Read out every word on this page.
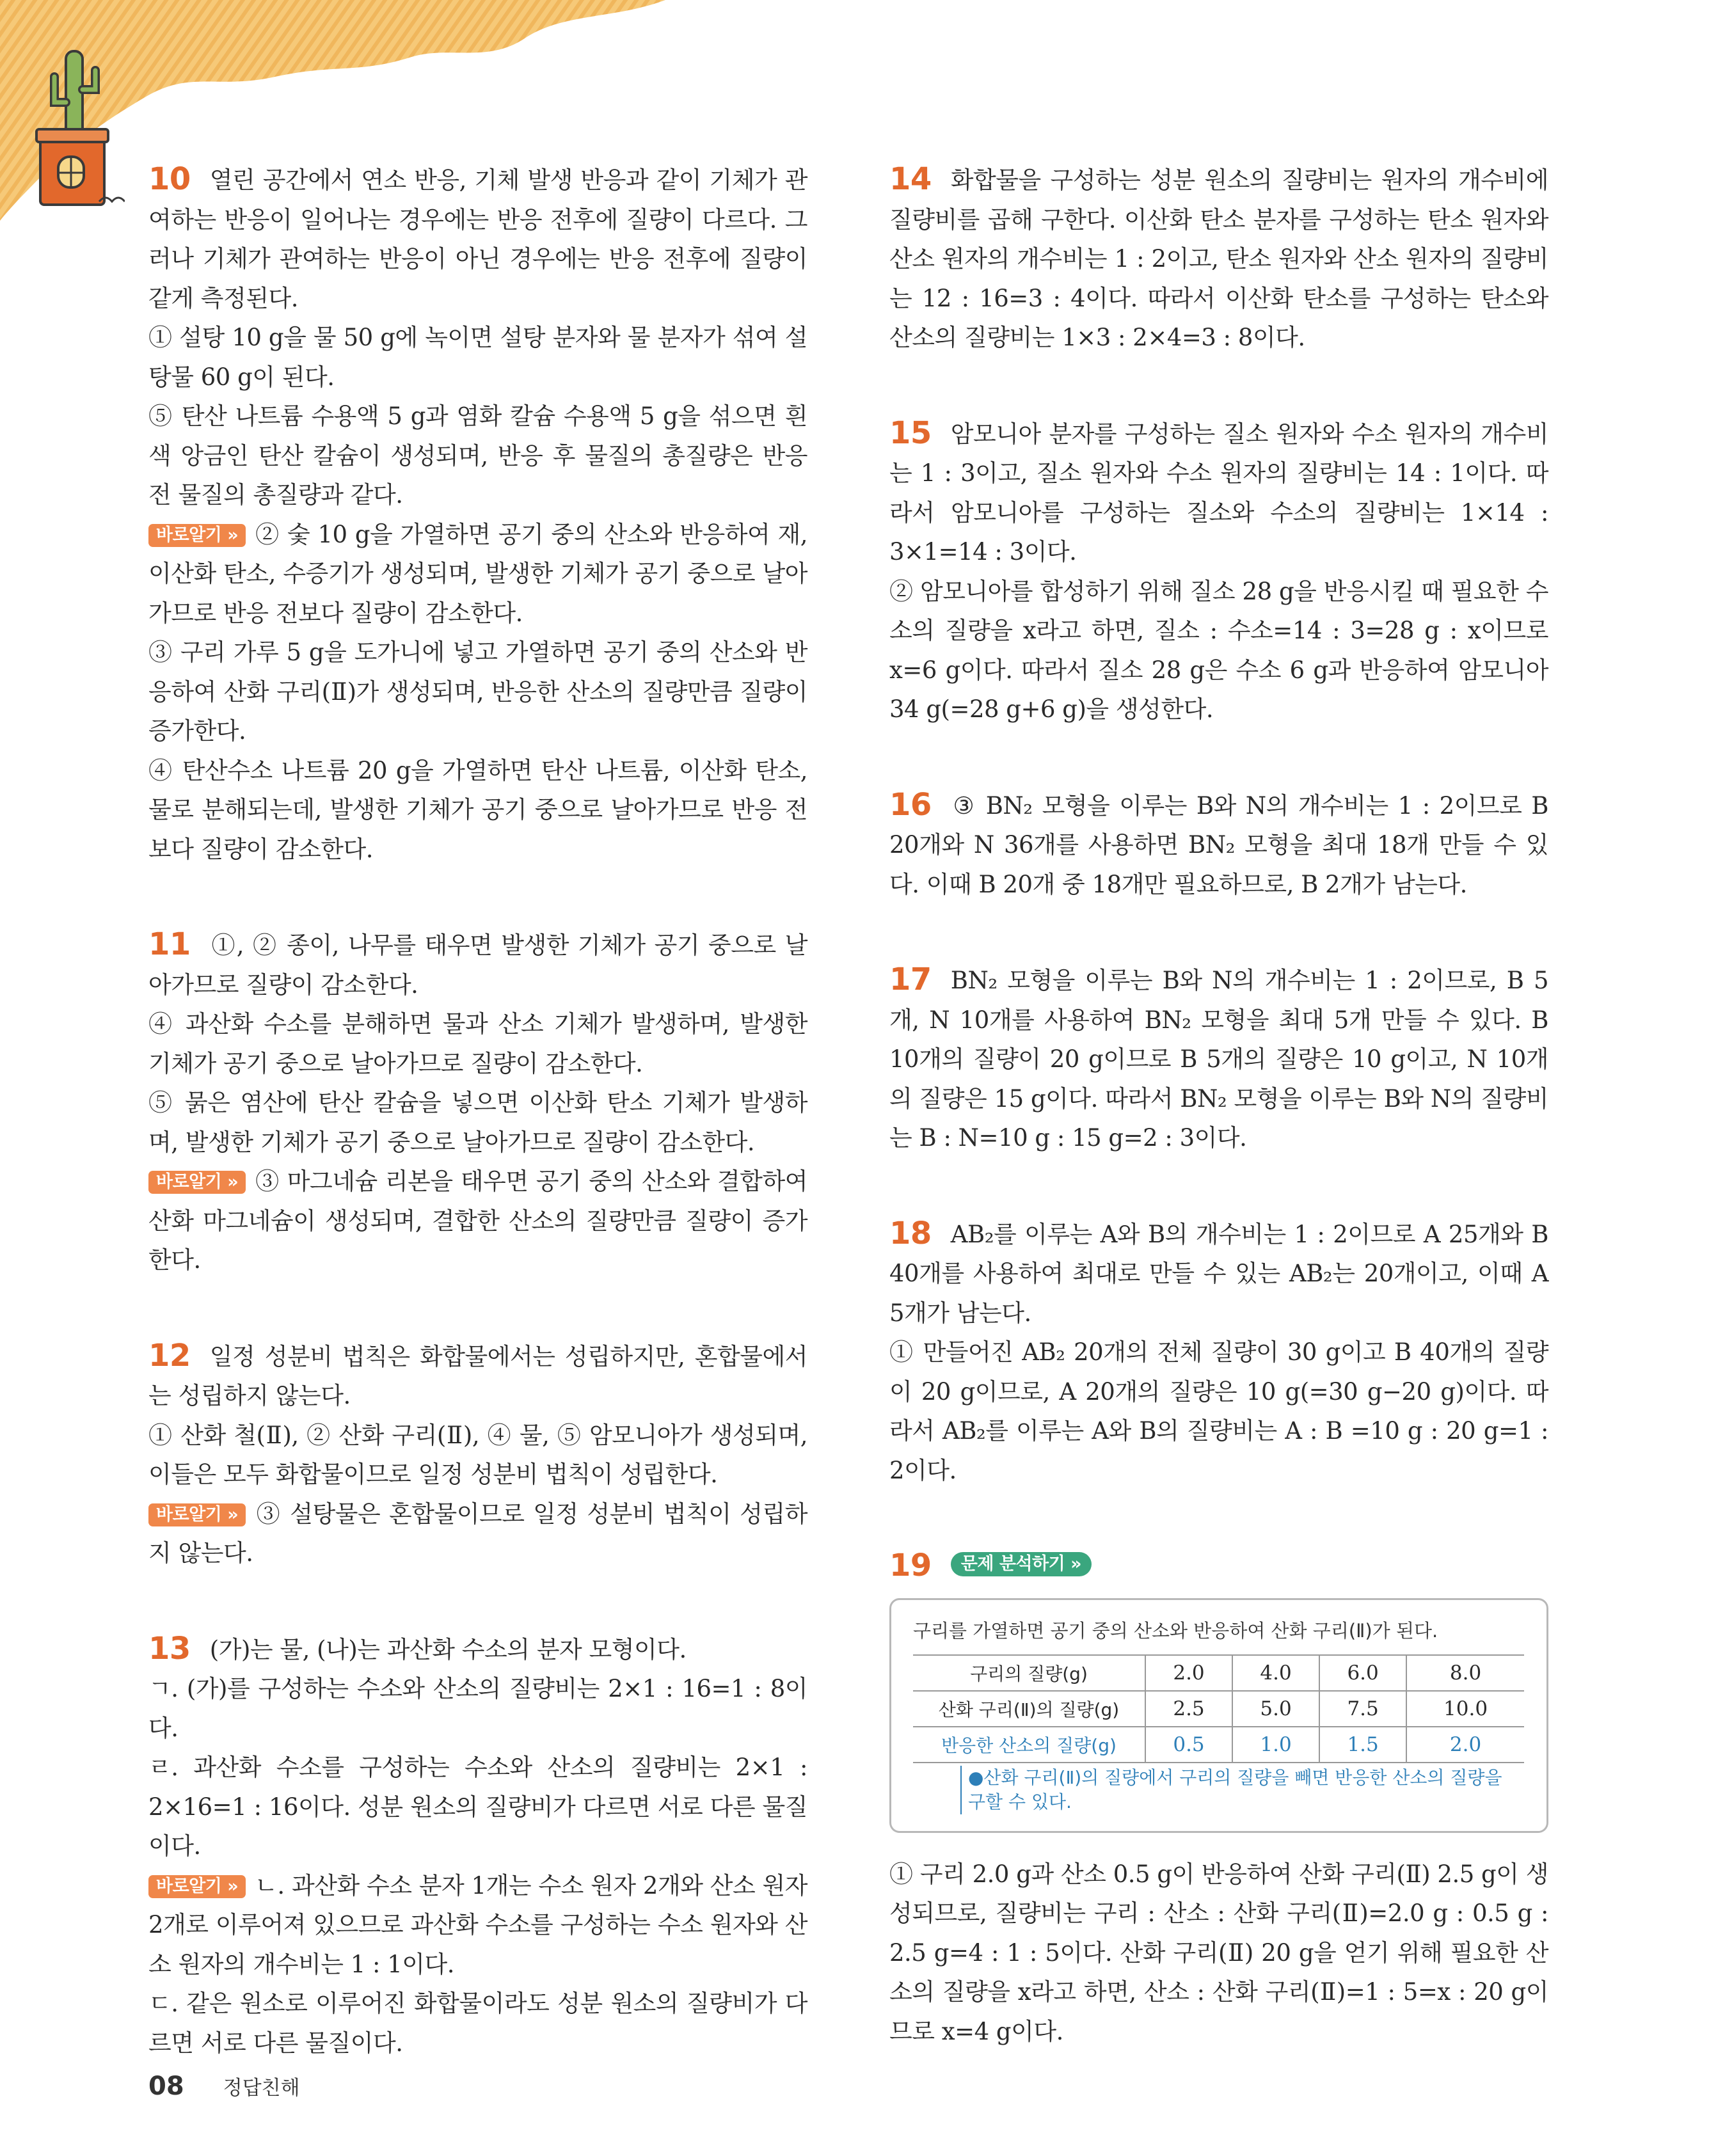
10 열린 공간에서 연소 반응, 기체 발생 반응과 같이 기체가 관여하는 반응이 일어나는 경우에는 반응 전후에 질량이 다르다. 그러나 기체가 관여하는 반응이 아닌 경우에는 반응 전후에 질량이 같게 측정된다.

① 설탕 10 g을 물 50 g에 녹이면 설탕 분자와 물 분자가 섞여 설탕물 60 g이 된다.

⑤ 탄산 나트륨 수용액 5 g과 염화 칼슘 수용액 5 g을 섞으면 흰색 앙금인 탄산 칼슘이 생성되며, 반응 후 물질의 총질량은 반응 전 물질의 총질량과 같다.

바로알기 » ② 숯 10 g을 가열하면 공기 중의 산소와 반응하여 재, 이산화 탄소, 수증기가 생성되며, 발생한 기체가 공기 중으로 날아가므로 반응 전보다 질량이 감소한다.

③ 구리 가루 5 g을 도가니에 넣고 가열하면 공기 중의 산소와 반응하여 산화 구리(Ⅱ)가 생성되며, 반응한 산소의 질량만큼 질량이 증가한다.

④ 탄산수소 나트륨 20 g을 가열하면 탄산 나트륨, 이산화 탄소, 물로 분해되는데, 발생한 기체가 공기 중으로 날아가므로 반응 전보다 질량이 감소한다.

11 ①, ② 종이, 나무를 태우면 발생한 기체가 공기 중으로 날아가므로 질량이 감소한다.

④ 과산화 수소를 분해하면 물과 산소 기체가 발생하며, 발생한 기체가 공기 중으로 날아가므로 질량이 감소한다.

⑤ 묽은 염산에 탄산 칼슘을 넣으면 이산화 탄소 기체가 발생하며, 발생한 기체가 공기 중으로 날아가므로 질량이 감소한다.

바로알기 » ③ 마그네슘 리본을 태우면 공기 중의 산소와 결합하여 산화 마그네슘이 생성되며, 결합한 산소의 질량만큼 질량이 증가한다.

12 일정 성분비 법칙은 화합물에서는 성립하지만, 혼합물에서는 성립하지 않는다.

① 산화 철(Ⅱ), ② 산화 구리(Ⅱ), ④ 물, ⑤ 암모니아가 생성되며, 이들은 모두 화합물이므로 일정 성분비 법칙이 성립한다.

바로알기 » ③ 설탕물은 혼합물이므로 일정 성분비 법칙이 성립하지 않는다.

13 (가)는 물, (나)는 과산화 수소의 분자 모형이다.

ㄱ. (가)를 구성하는 수소와 산소의 질량비는 2×1 : 16=1 : 8이다.

ㄹ. 과산화 수소를 구성하는 수소와 산소의 질량비는 2×1 : 2×16=1 : 16이다. 성분 원소의 질량비가 다르면 서로 다른 물질이다.

바로알기 » ㄴ. 과산화 수소 분자 1개는 수소 원자 2개와 산소 원자 2개로 이루어져 있으므로 과산화 수소를 구성하는 수소 원자와 산소 원자의 개수비는 1 : 1이다.

ㄷ. 같은 원소로 이루어진 화합물이라도 성분 원소의 질량비가 다르면 서로 다른 물질이다.

14 화합물을 구성하는 성분 원소의 질량비는 원자의 개수비에 질량비를 곱해 구한다. 이산화 탄소 분자를 구성하는 탄소 원자와 산소 원자의 개수비는 1 : 2이고, 탄소 원자와 산소 원자의 질량비는 12 : 16=3 : 4이다. 따라서 이산화 탄소를 구성하는 탄소와 산소의 질량비는 1×3 : 2×4=3 : 8이다.

15 암모니아 분자를 구성하는 질소 원자와 수소 원자의 개수비는 1 : 3이고, 질소 원자와 수소 원자의 질량비는 14 : 1이다. 따라서 암모니아를 구성하는 질소와 수소의 질량비는 1×14 : 3×1=14 : 3이다.

② 암모니아를 합성하기 위해 질소 28 g을 반응시킬 때 필요한 수소의 질량을 x라고 하면, 질소 : 수소=14 : 3=28 g : x이므로 x=6 g이다. 따라서 질소 28 g은 수소 6 g과 반응하여 암모니아 34 g(=28 g+6 g)을 생성한다.

16 ③ BN₂ 모형을 이루는 B와 N의 개수비는 1 : 2이므로 B 20개와 N 36개를 사용하면 BN₂ 모형을 최대 18개 만들 수 있다. 이때 B 20개 중 18개만 필요하므로, B 2개가 남는다.

17 BN₂ 모형을 이루는 B와 N의 개수비는 1 : 2이므로, B 5개, N 10개를 사용하여 BN₂ 모형을 최대 5개 만들 수 있다. B 10개의 질량이 20 g이므로 B 5개의 질량은 10 g이고, N 10개의 질량은 15 g이다. 따라서 BN₂ 모형을 이루는 B와 N의 질량비는 B : N=10 g : 15 g=2 : 3이다.

18 AB₂를 이루는 A와 B의 개수비는 1 : 2이므로 A 25개와 B 40개를 사용하여 최대로 만들 수 있는 AB₂는 20개이고, 이때 A 5개가 남는다.

① 만들어진 AB₂ 20개의 전체 질량이 30 g이고 B 40개의 질량이 20 g이므로, A 20개의 질량은 10 g(=30 g−20 g)이다. 따라서 AB₂를 이루는 A와 B의 질량비는 A : B =10 g : 20 g=1 : 2이다.

19 문제 분석하기 »

구리를 가열하면 공기 중의 산소와 반응하여 산화 구리(Ⅱ)가 된다.
구리의 질량(g)	2.0	4.0	6.0	8.0
산화 구리(Ⅱ)의 질량(g)	2.5	5.0	7.5	10.0
반응한 산소의 질량(g)	0.5	1.0	1.5	2.0
●산화 구리(Ⅱ)의 질량에서 구리의 질량을 빼면 반응한 산소의 질량을 구할 수 있다.

① 구리 2.0 g과 산소 0.5 g이 반응하여 산화 구리(Ⅱ) 2.5 g이 생성되므로, 질량비는 구리 : 산소 : 산화 구리(Ⅱ)=2.0 g : 0.5 g : 2.5 g=4 : 1 : 5이다. 산화 구리(Ⅱ) 20 g을 얻기 위해 필요한 산소의 질량을 x라고 하면, 산소 : 산화 구리(Ⅱ)=1 : 5=x : 20 g이므로 x=4 g이다.

08 정답친해
